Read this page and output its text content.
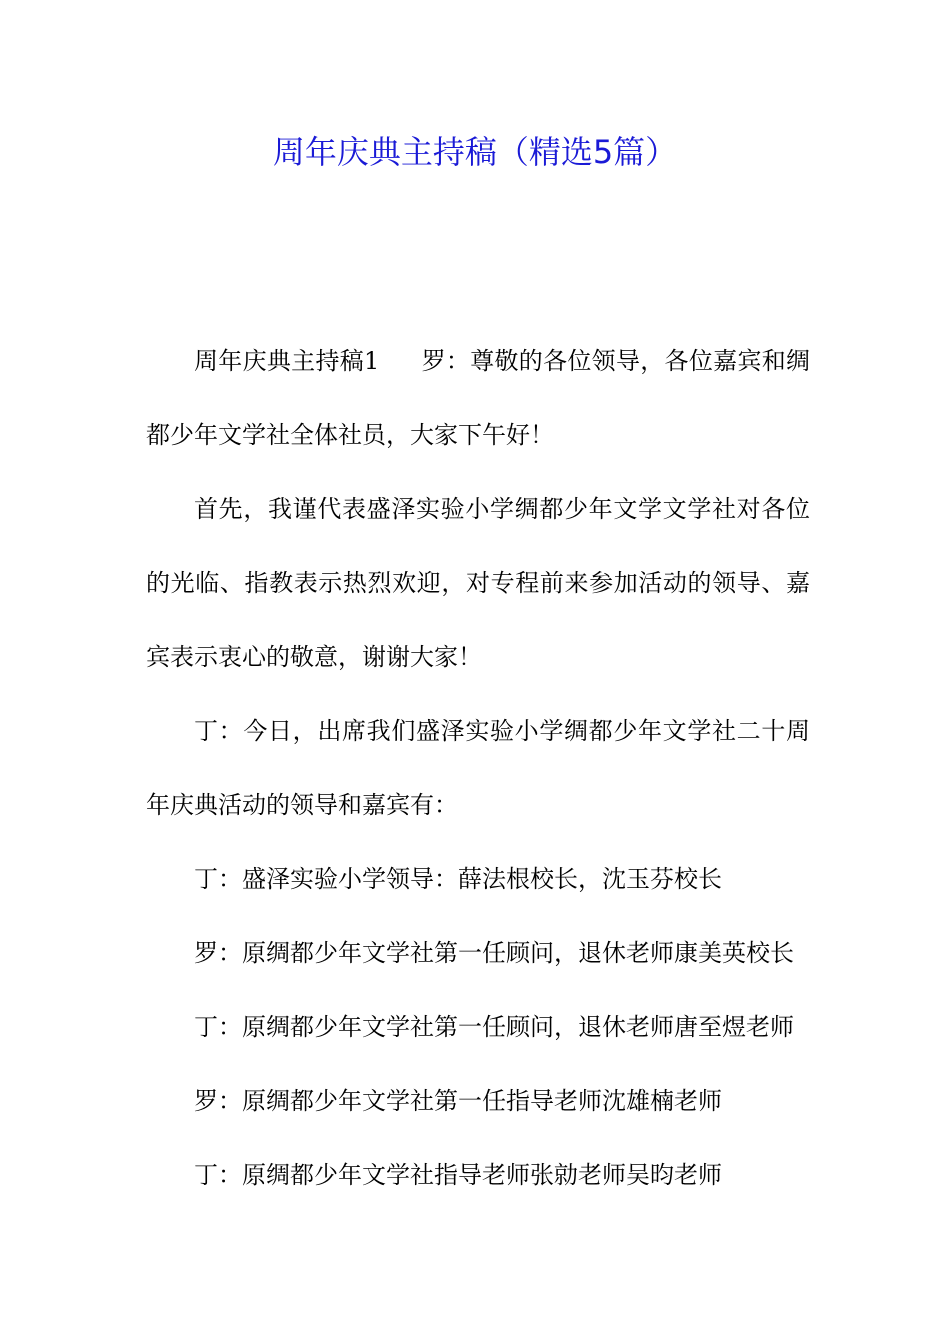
周年庆典主持稿（精选5篇）

周年庆典主持稿1 罗：尊敬的各位领导，各位嘉宾和绸都少年文学社全体社员，大家下午好！

首先，我谨代表盛泽实验小学绸都少年文学文学社对各位的光临、指教表示热烈欢迎，对专程前来参加活动的领导、嘉宾表示衷心的敬意，谢谢大家！

丁：今日，出席我们盛泽实验小学绸都少年文学社二十周年庆典活动的领导和嘉宾有：

丁：盛泽实验小学领导：薛法根校长，沈玉芬校长

罗：原绸都少年文学社第一任顾问，退休老师康美英校长

丁：原绸都少年文学社第一任顾问，退休老师唐至煜老师

罗：原绸都少年文学社第一任指导老师沈雄楠老师

丁：原绸都少年文学社指导老师张勍老师吴昀老师
